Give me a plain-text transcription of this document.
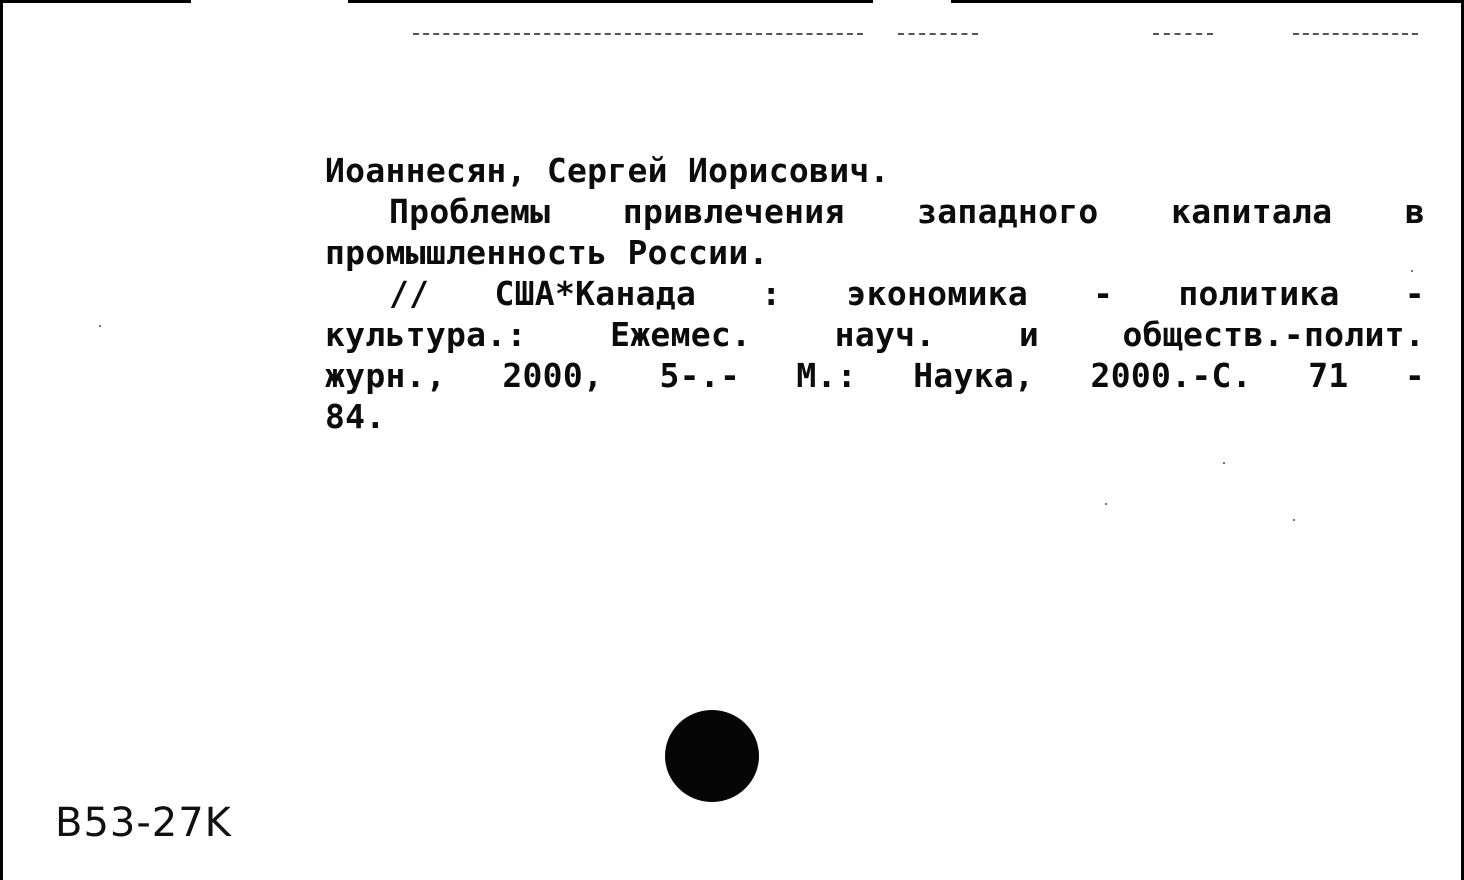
Иоаннесян, Сергей Иорисович.
Проблемы привлечения западного капитала в
промышленность России.
// США*Канада : экономика - политика -
культура.:	Ежемес.	науч.	и	обществ.-полит.
журн., 2000, 5-.- М.: Наука, 2000.-С. 71 -
84.
B53-27K
